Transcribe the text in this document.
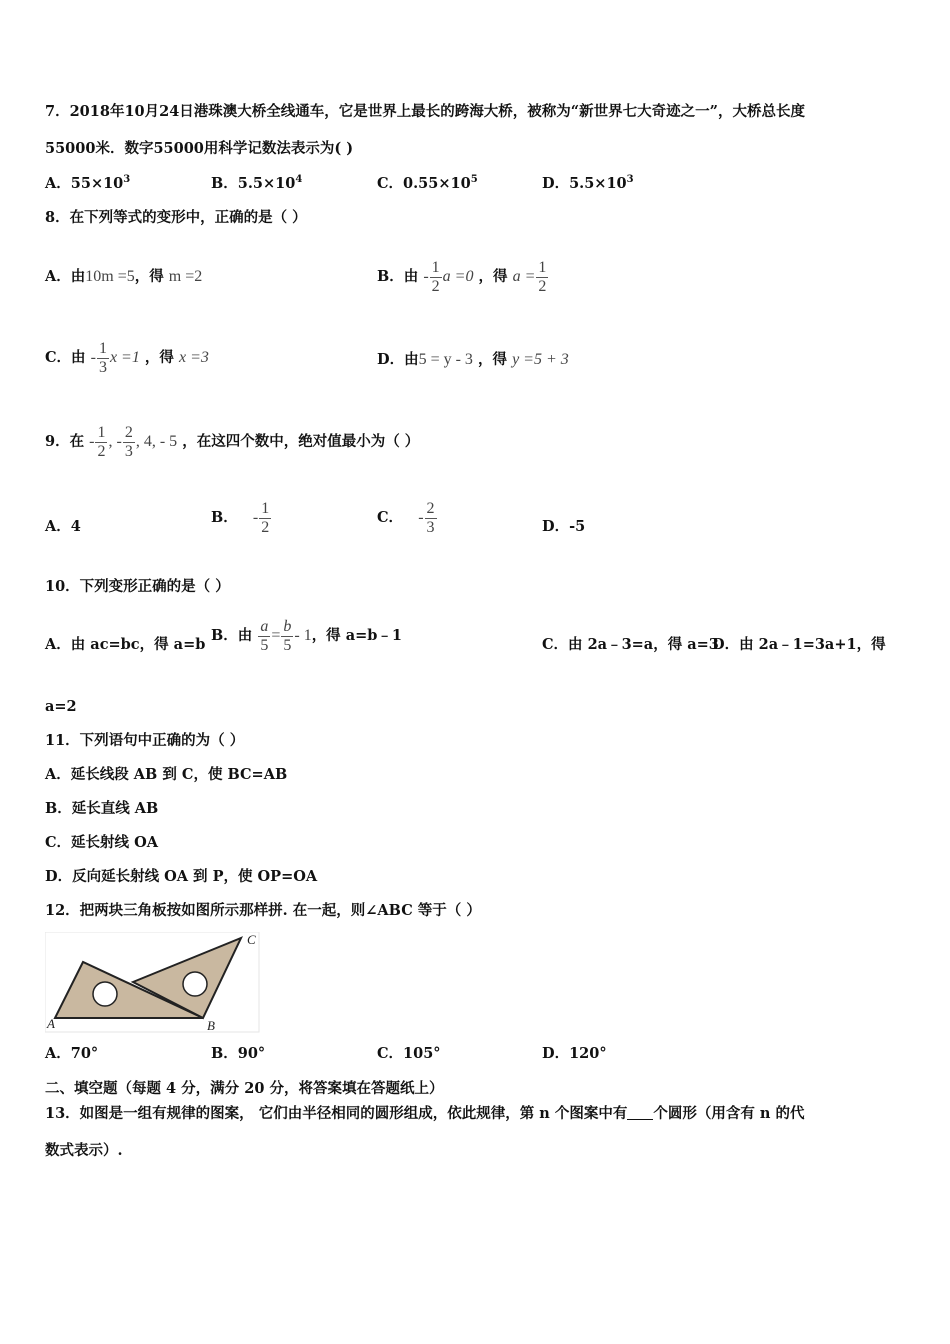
7．2018年10月24日港珠澳大桥全线通车，它是世界上最长的跨海大桥，被称为“新世界七大奇迹之一”，大桥总长度
55000米．数字55000用科学记数法表示为( )
A．$55\times 10^3$	B．$5.5\times 10^4$	C．$0.55\times 10^5$	D．$5.5\times 10^3$
8．在下列等式的变形中，正确的是（ ）
A．由10m =5，得 m =2	B．由 - $\frac{1}{2}$ a =0 ，得 $a = \frac{1}{2}$
C．由 - $\frac{1}{3}$ x =1 ，得 x =3	D．由5 = y - 3 ，得 y =5 + 3
9．在 - $\frac{1}{2}$ , - $\frac{2}{3}$ , 4, - 5 ，在这四个数中，绝对值最小为（ ）
A．4
B． - $\frac{1}{2}$	C． - $\frac{2}{3}$	D．-5
10．下列变形正确的是（ ）
A．由 ac=bc，得 a=b
B．由 $\frac{a}{5} = \frac{b}{5} - 1$，得 a=b﹣1
C．由 2a﹣3=a，得 a=3
D．由 2a﹣1=3a+1，得
a=2
11．下列语句中正确的为（ ）
A．延长线段 AB 到 C，使 BC=AB
B．延长直线 AB
C．延长射线 OA
D．反向延长射线 OA 到 P，使 OP=OA
12．把两块三角板按如图所示那样拼. 在一起，则∠ABC 等于（ ）
A	B
C
A．70°	B．90°	C．105°	D．120°
二、填空题（每题 4 分，满分 20 分，将答案填在答题纸上）
13．如图是一组有规律的图案， 它们由半径相同的圆形组成，依此规律，第 n 个图案中有 个圆形（用含有 n 的代
数式表示）.
